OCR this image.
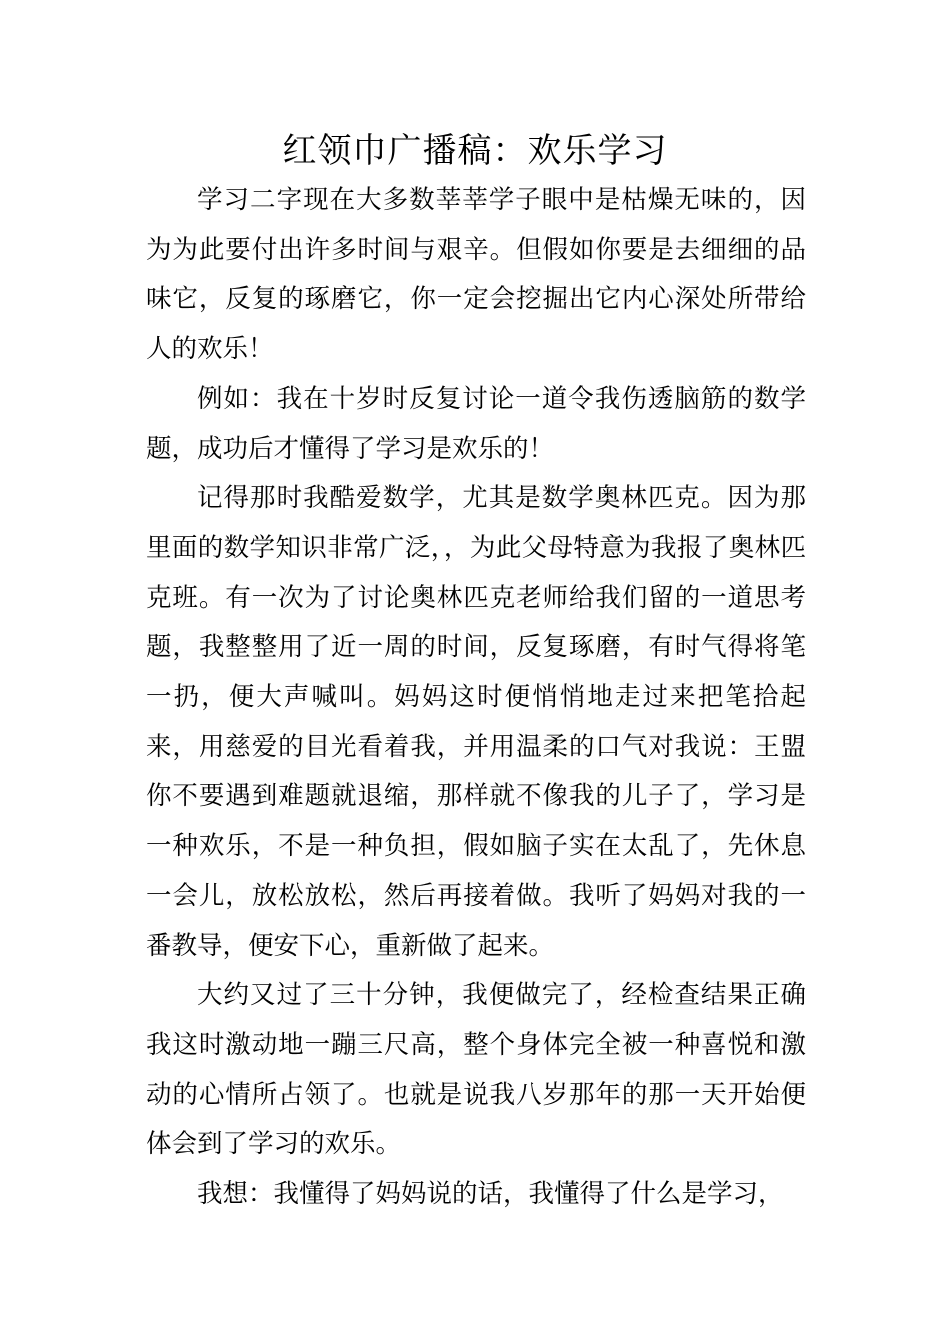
红领巾广播稿：欢乐学习

学习二字现在大多数莘莘学子眼中是枯燥无味的，因为为此要付出许多时间与艰辛。但假如你要是去细细的品味它，反复的琢磨它，你一定会挖掘出它内心深处所带给人的欢乐！

例如：我在十岁时反复讨论一道令我伤透脑筋的数学题，成功后才懂得了学习是欢乐的！

记得那时我酷爱数学，尤其是数学奥林匹克。因为那里面的数学知识非常广泛，，为此父母特意为我报了奥林匹克班。有一次为了讨论奥林匹克老师给我们留的一道思考题，我整整用了近一周的时间，反复琢磨，有时气得将笔一扔，便大声喊叫。妈妈这时便悄悄地走过来把笔拾起来，用慈爱的目光看着我，并用温柔的口气对我说：王盟你不要遇到难题就退缩，那样就不像我的儿子了，学习是一种欢乐，不是一种负担，假如脑子实在太乱了，先休息一会儿，放松放松，然后再接着做。我听了妈妈对我的一番教导，便安下心，重新做了起来。

大约又过了三十分钟，我便做完了，经检查结果正确我这时激动地一蹦三尺高，整个身体完全被一种喜悦和激动的心情所占领了。也就是说我八岁那年的那一天开始便体会到了学习的欢乐。

我想：我懂得了妈妈说的话，我懂得了什么是学习，
